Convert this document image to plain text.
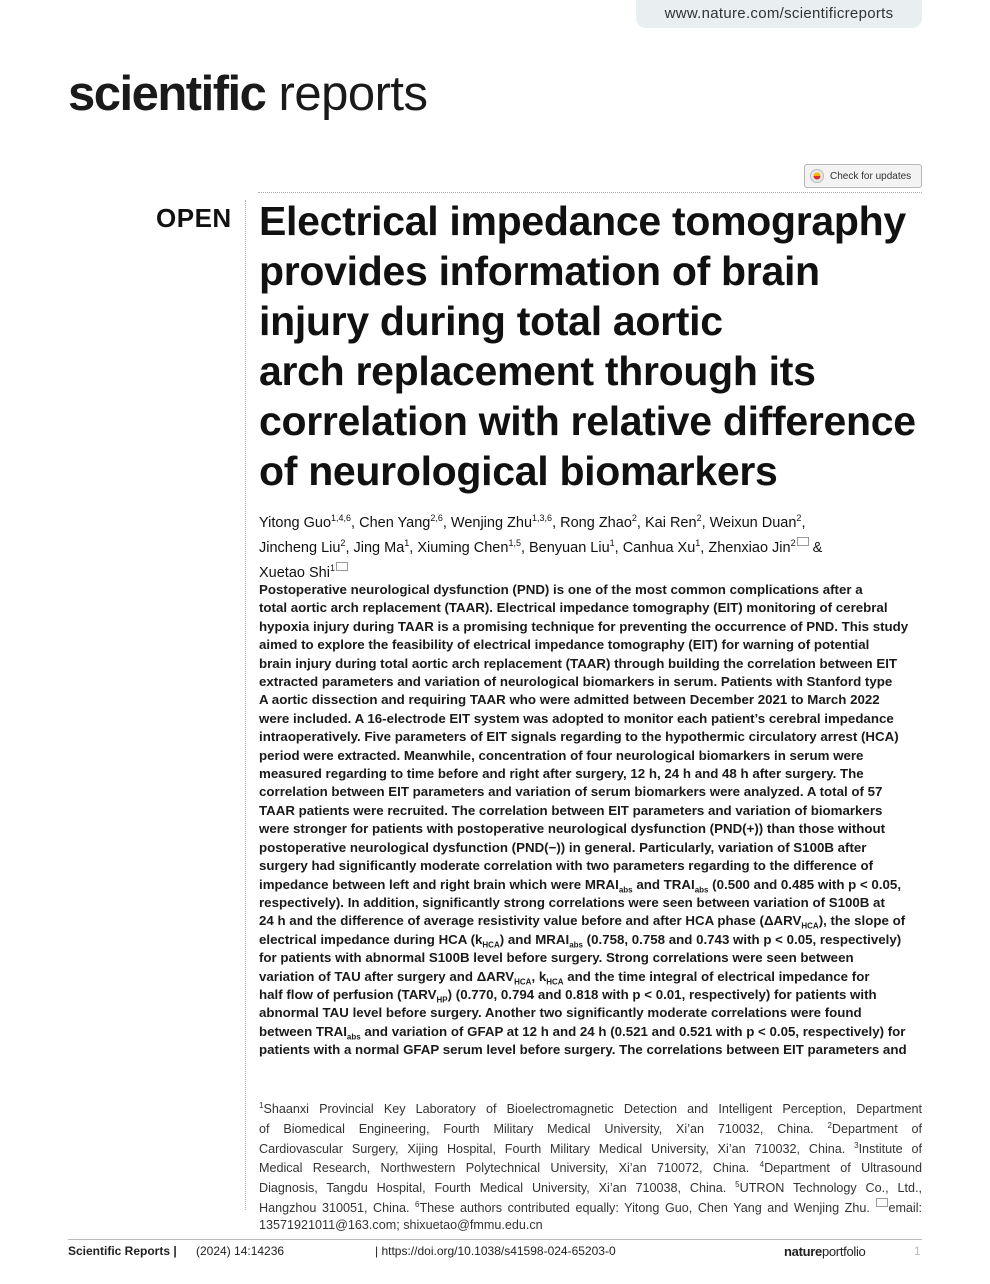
www.nature.com/scientificreports
scientific reports
Check for updates
OPEN Electrical impedance tomography
provides information of brain
injury during total aortic
arch replacement through its
correlation with relative difference
of neurological biomarkers
Yitong Guo$^{1,4,6}$, Chen Yang$^{2,6}$, Wenjing Zhu$^{1,3,6}$, Rong Zhao$^2$, Kai Ren$^2$, Weixun Duan$^2$,
Jincheng Liu$^2$, Jing Ma$^1$, Xiuming Chen$^{1,5}$, Benyuan Liu$^1$, Canhua Xu$^1$, Zhenxiao Jin$^2$ &
Xuetao Shi$^1$
Postoperative neurological dysfunction (PND) is one of the most common complications after a
total aortic arch replacement (TAAR). Electrical impedance tomography (EIT) monitoring of cerebral
hypoxia injury during TAAR is a promising technique for preventing the occurrence of PND. This study
aimed to explore the feasibility of electrical impedance tomography (EIT) for warning of potential
brain injury during total aortic arch replacement (TAAR) through building the correlation between EIT
extracted parameters and variation of neurological biomarkers in serum. Patients with Stanford type
A aortic dissection and requiring TAAR who were admitted between December 2021 to March 2022
were included. A 16-electrode EIT system was adopted to monitor each patient’s cerebral impedance
intraoperatively. Five parameters of EIT signals regarding to the hypothermic circulatory arrest (HCA)
period were extracted. Meanwhile, concentration of four neurological biomarkers in serum were
measured regarding to time before and right after surgery, 12 h, 24 h and 48 h after surgery. The
correlation between EIT parameters and variation of serum biomarkers were analyzed. A total of 57
TAAR patients were recruited. The correlation between EIT parameters and variation of biomarkers
were stronger for patients with postoperative neurological dysfunction (PND(+)) than those without
postoperative neurological dysfunction (PND(−)) in general. Particularly, variation of S100B after
surgery had significantly moderate correlation with two parameters regarding to the difference of
impedance between left and right brain which were $MRAI_{abs}$ and $TRAI_{abs}$ (0.500 and 0.485 with p < 0.05,
respectively). In addition, significantly strong correlations were seen between variation of S100B at
24 h and the difference of average resistivity value before and after HCA phase $(\Delta ARV_{HCA})$, the slope of
electrical impedance during HCA $(k_{HCA})$ and $MRAI_{abs}$ (0.758, 0.758 and 0.743 with p < 0.05, respectively)
for patients with abnormal S100B level before surgery. Strong correlations were seen between
variation of TAU after surgery and $\Delta ARV_{HCA}$, $k_{HCA}$ and the time integral of electrical impedance for
half flow of perfusion $(TARV_{HP})$ (0.770, 0.794 and 0.818 with p < 0.01, respectively) for patients with
abnormal TAU level before surgery. Another two significantly moderate correlations were found
between $TRAI_{abs}$ and variation of GFAP at 12 h and 24 h (0.521 and 0.521 with p < 0.05, respectively) for
patients with a normal GFAP serum level before surgery. The correlations between EIT parameters and
$^1$Shaanxi Provincial Key Laboratory of Bioelectromagnetic Detection and Intelligent Perception, Department
of Biomedical Engineering, Fourth Military Medical University, Xi’an 710032, China. $^2$Department of
Cardiovascular Surgery, Xijing Hospital, Fourth Military Medical University, Xi’an 710032, China. $^3$Institute of
Medical Research, Northwestern Polytechnical University, Xi’an 710072, China. $^4$Department of Ultrasound
Diagnosis, Tangdu Hospital, Fourth Medical University, Xi’an 710038, China. $^5$UTRON Technology Co., Ltd.,
Hangzhou 310051, China. $^6$These authors contributed equally: Yitong Guo, Chen Yang and Wenjing Zhu. email:
13571921011@163.com; shixuetao@fmmu.edu.cn
Scientific Reports | (2024) 14:14236	| https://doi.org/10.1038/s41598-024-65203-0	natureportfolio	1
